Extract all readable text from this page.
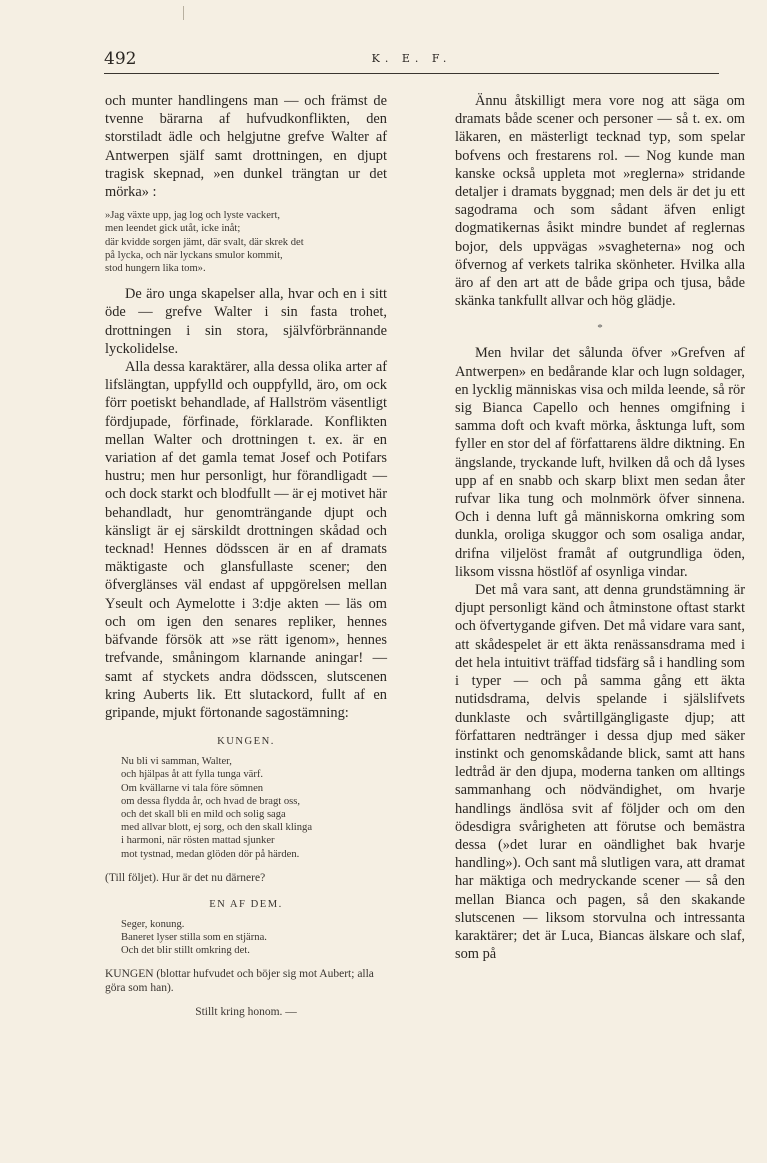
492	K. E. F.

och munter handlingens man — och främst de tvenne bärarna af hufvudkonflikten, den storstiladt ädle och helgjutne grefve Walter af Antwerpen själf samt drottningen, en djupt tragisk skepnad, »en dunkel trängtan ur det mörka» :

»Jag växte upp, jag log och lyste vackert,
men leendet gick utåt, icke inåt;
där kvidde sorgen jämt, där svalt, där skrek det
på lycka, och när lyckans smulor kommit,
stod hungern lika tom».

De äro unga skapelser alla, hvar och en i sitt öde — grefve Walter i sin fasta trohet, drottningen i sin stora, självförbrännande lyckolidelse.

Alla dessa karaktärer, alla dessa olika arter af lifslängtan, uppfylld och ouppfylld, äro, om ock förr poetiskt behandlade, af Hallström väsentligt fördjupade, förfinade, förklarade. Konflikten mellan Walter och drottningen t. ex. är en variation af det gamla temat Josef och Potifars hustru; men hur personligt, hur förandligadt — och dock starkt och blodfullt — är ej motivet här behandladt, hur genomträngande djupt och känsligt är ej särskildt drottningen skådad och tecknad! Hennes dödsscen är en af dramats mäktigaste och glansfullaste scener; den öfverglänses väl endast af uppgörelsen mellan Yseult och Aymelotte i 3:dje akten — läs om och om igen den senares repliker, hennes bäfvande försök att »se rätt igenom», hennes trefvande, småningom klarnande aningar! — samt af styckets andra dödsscen, slutscenen kring Auberts lik. Ett slutackord, fullt af en gripande, mjukt förtonande sagostämning:

KUNGEN.
Nu bli vi samman, Walter,
och hjälpas åt att fylla tunga värf.
Om kvällarne vi tala före sömnen
om dessa flydda år, och hvad de bragt oss,
och det skall bli en mild och solig saga
med allvar blott, ej sorg, och den skall klinga
i harmoni, när rösten mattad sjunker
mot tystnad, medan glöden dör på härden.
(Till följet). Hur är det nu därnere?
EN AF DEM.
Seger, konung.
Baneret lyser stilla som en stjärna.
Och det blir stillt omkring det.
KUNGEN (blottar hufvudet och böjer sig mot Aubert; alla göra som han).
Stillt kring honom. —

Ännu åtskilligt mera vore nog att säga om dramats både scener och personer — så t. ex. om läkaren, en mästerligt tecknad typ, som spelar bofvens och frestarens rol. — Nog kunde man kanske också uppleta mot »reglerna» stridande detaljer i dramats byggnad; men dels är det ju ett sagodrama och som sådant äfven enligt dogmatikernas åsikt mindre bundet af reglernas bojor, dels uppvägas »svagheterna» nog och öfvernog af verkets talrika skönheter. Hvilka alla äro af den art att de både gripa och tjusa, både skänka tankfullt allvar och hög glädje.

*

Men hvilar det sålunda öfver »Grefven af Antwerpen» en bedårande klar och lugn soldager, en lycklig människas visa och milda leende, så rör sig Bianca Capello och hennes omgifning i samma doft och kvaft mörka, åsktunga luft, som fyller en stor del af författarens äldre diktning. En ängslande, tryckande luft, hvilken då och då lyses upp af en snabb och skarp blixt men sedan åter rufvar lika tung och molnmörk öfver sinnena. Och i denna luft gå människorna omkring som dunkla, oroliga skuggor och som osaliga andar, drifna viljelöst framåt af outgrundliga öden, liksom vissna höstlöf af osynliga vindar.

Det må vara sant, att denna grundstämning är djupt personligt känd och åtminstone oftast starkt och öfvertygande gifven. Det må vidare vara sant, att skådespelet är ett äkta renässansdrama med i det hela intuitivt träffad tidsfärg så i handling som i typer — och på samma gång ett äkta nutidsdrama, delvis spelande i själslifvets dunklaste och svårtillgängligaste djup; att författaren nedtränger i dessa djup med säker instinkt och genomskådande blick, samt att hans ledtråd är den djupa, moderna tanken om alltings sammanhang och nödvändighet, om hvarje handlings ändlösa svit af följder och om den ödesdigra svårigheten att förutse och bemästra dessa (»det lurar en oändlighet bak hvarje handling»). Och sant må slutligen vara, att dramat har mäktiga och medryckande scener — så den mellan Bianca och pagen, så den skakande slutscenen — liksom storvulna och intressanta karaktärer; det är Luca, Biancas älskare och slaf, som på
